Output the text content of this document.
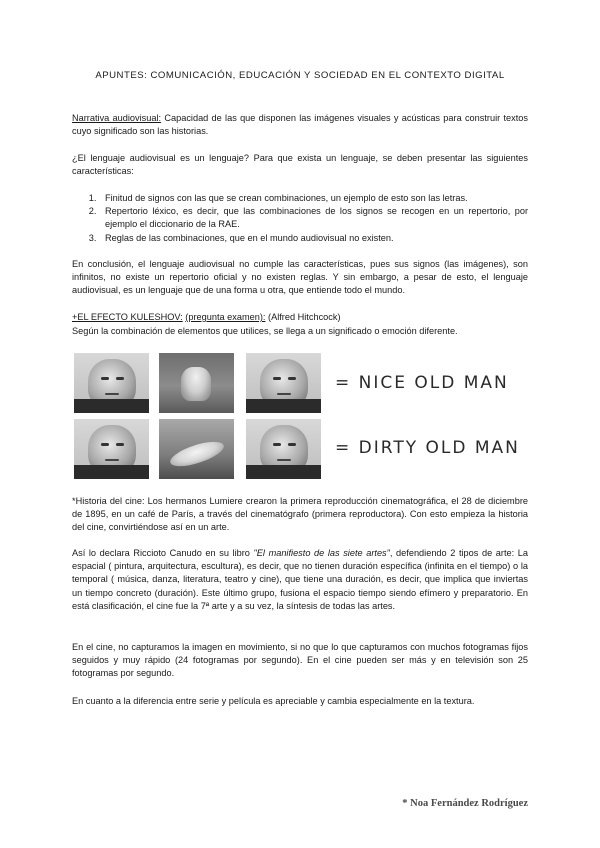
APUNTES: COMUNICACIÓN, EDUCACIÓN Y SOCIEDAD EN EL CONTEXTO DIGITAL
Narrativa audiovisual: Capacidad de las que disponen las imágenes visuales y acústicas para construir textos cuyo significado son las historias.
¿El lenguaje audiovisual es un lenguaje? Para que exista un lenguaje, se deben presentar las siguientes características:
1. Finitud de signos con las que se crean combinaciones, un ejemplo de esto son las letras.
2. Repertorio léxico, es decir, que las combinaciones de los signos se recogen en un repertorio, por ejemplo el diccionario de la RAE.
3. Reglas de las combinaciones, que en el mundo audiovisual no existen.
En conclusión, el lenguaje audiovisual no cumple las características, pues sus signos (las imágenes), son infinitos, no existe un repertorio oficial y no existen reglas. Y sin embargo, a pesar de esto, el lenguaje audiovisual, es un lenguaje que de una forma u otra, que entiende todo el mundo.
+EL EFECTO KULESHOV: (pregunta examen): (Alfred Hitchcock)
Según la combinación de elementos que utilices, se llega a un significado o emoción diferente.
= NICE OLD MAN
= DIRTY OLD MAN
*Historia del cine: Los hermanos Lumiere crearon la primera reproducción cinematográfica, el 28 de diciembre de 1895, en un café de París, a través del cinematógrafo (primera reproductora). Con esto empieza la historia del cine, convirtiéndose así en un arte.
Así lo declara Riccioto Canudo en su libro "El manifiesto de las siete artes", defendiendo 2 tipos de arte: La espacial ( pintura, arquitectura, escultura), es decir, que no tienen duración específica (infinita en el tiempo) o la temporal ( música, danza, literatura, teatro y cine), que tiene una duración, es decir, que implica que inviertas un tiempo concreto (duración). Este último grupo, fusiona el espacio tiempo siendo efímero y preparatorio. En está clasificación, el cine fue la 7ª arte y a su vez, la síntesis de todas las artes.
En el cine, no capturamos la imagen en movimiento, si no que lo que capturamos con muchos fotogramas fijos seguidos y muy rápido (24 fotogramas por segundo). En el cine pueden ser más y en televisión son 25 fotogramas por segundo.
En cuanto a la diferencia entre serie y película es apreciable y cambia especialmente en la textura.
* Noa Fernández Rodríguez
